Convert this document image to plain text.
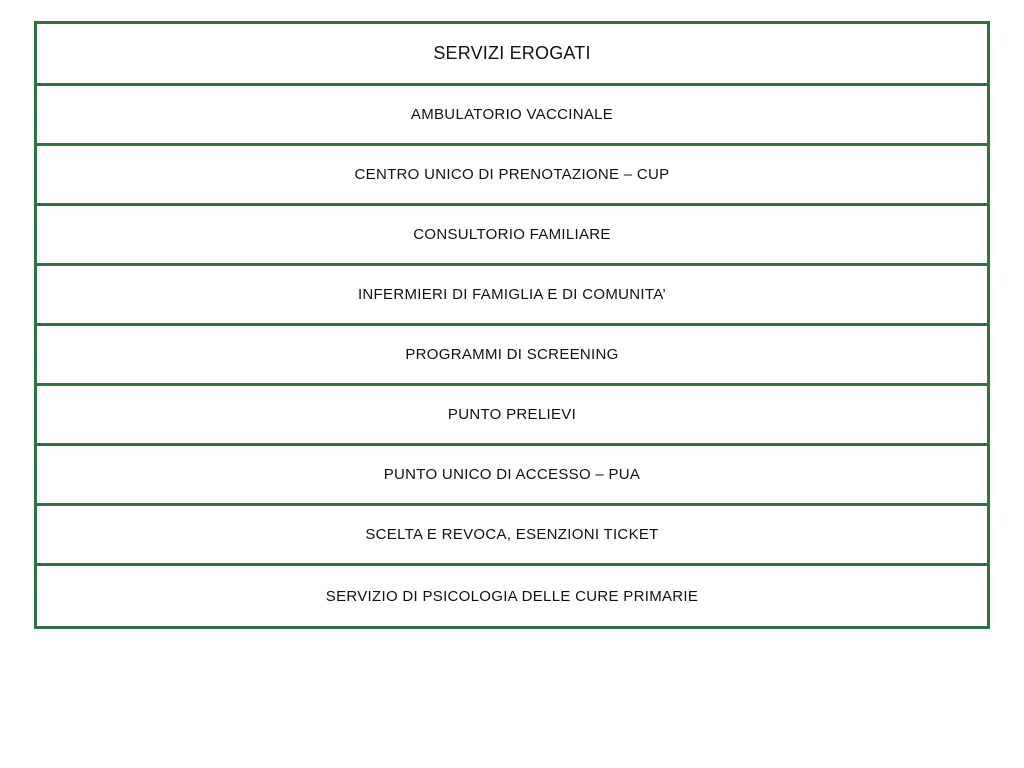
SERVIZI EROGATI
AMBULATORIO VACCINALE
CENTRO UNICO DI PRENOTAZIONE – CUP
CONSULTORIO FAMILIARE
INFERMIERI DI FAMIGLIA E DI COMUNITA’
PROGRAMMI DI SCREENING
PUNTO PRELIEVI
PUNTO UNICO DI ACCESSO – PUA
SCELTA E REVOCA, ESENZIONI TICKET
SERVIZIO DI PSICOLOGIA DELLE CURE PRIMARIE
